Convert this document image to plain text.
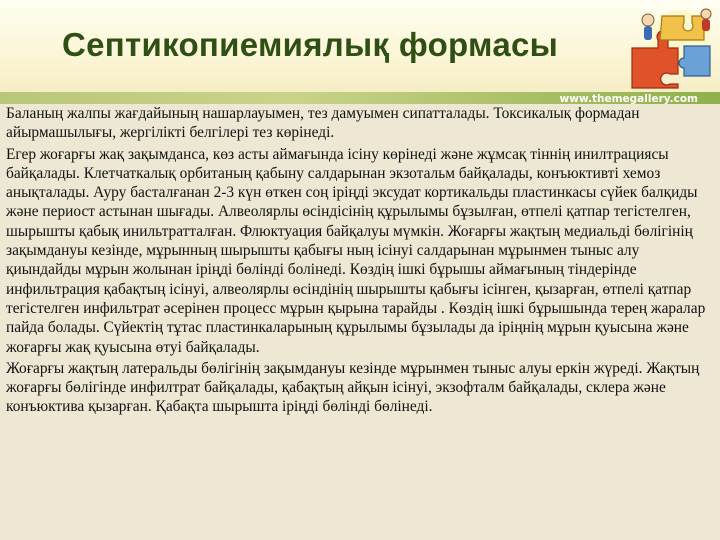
Септикопиемиялық формасы
www.themegallery.com

Баланың жалпы жағдайының нашарлауымен, тез дамуымен сипатталады. Токсикалық формадан айырмашылығы, жергілікті белгілері тез көрінеді.

Егер жоғарғы жақ зақымданса, көз асты аймағында ісіну көрінеді және жұмсақ тіннің инилтрациясы байқалады. Клетчаткалық орбитаның қабыну салдарынан экзотальм байқалады, конъюктивті хемоз анықталады. Ауру басталғанан 2-3 күн өткен соң іріңді эксудат кортикальды пластинкасы сүйек балқиды және периост астынан шығады. Алвеолярлы өсіндісінің құрылымы бұзылған, өтпелі қатпар тегістелген, шырышты қабық инильтратталған. Флюктуация байқалуы мүмкін. Жоғарғы жақтың медиальді бөлігінің зақымдануы кезінде, мұрынның шырышты қабығы ның ісінуі салдарынан мұрынмен тыныс алу қиындайды мұрын жолынан іріңді бөлінді болінеді. Көздің ішкі бұрышы аймағының тіндерінде инфильтрация қабақтың ісінуі, алвеолярлы өсіндінің шырышты қабығы ісінген, қызарған, өтпелі қатпар тегістелген инфильтрат әсерінен процесс мұрын қырына тарайды . Көздің ішкі бұрышында терең жаралар пайда болады. Сүйектің тұтас пластинкаларының құрылымы бұзылады да іріңнің мұрын қуысына және жоғарғы жақ қуысына өтуі байқалады.

Жоғарғы жақтың латеральды бөлігінің зақымдануы кезінде мұрынмен тыныс алуы еркін жүреді. Жақтың жоғарғы бөлігінде инфилтрат байқалады, қабақтың айқын ісінуі, экзофталм байқалады, склера және конъюктива қызарған. Қабақта шырышта іріңді бөлінді бөлінеді.
